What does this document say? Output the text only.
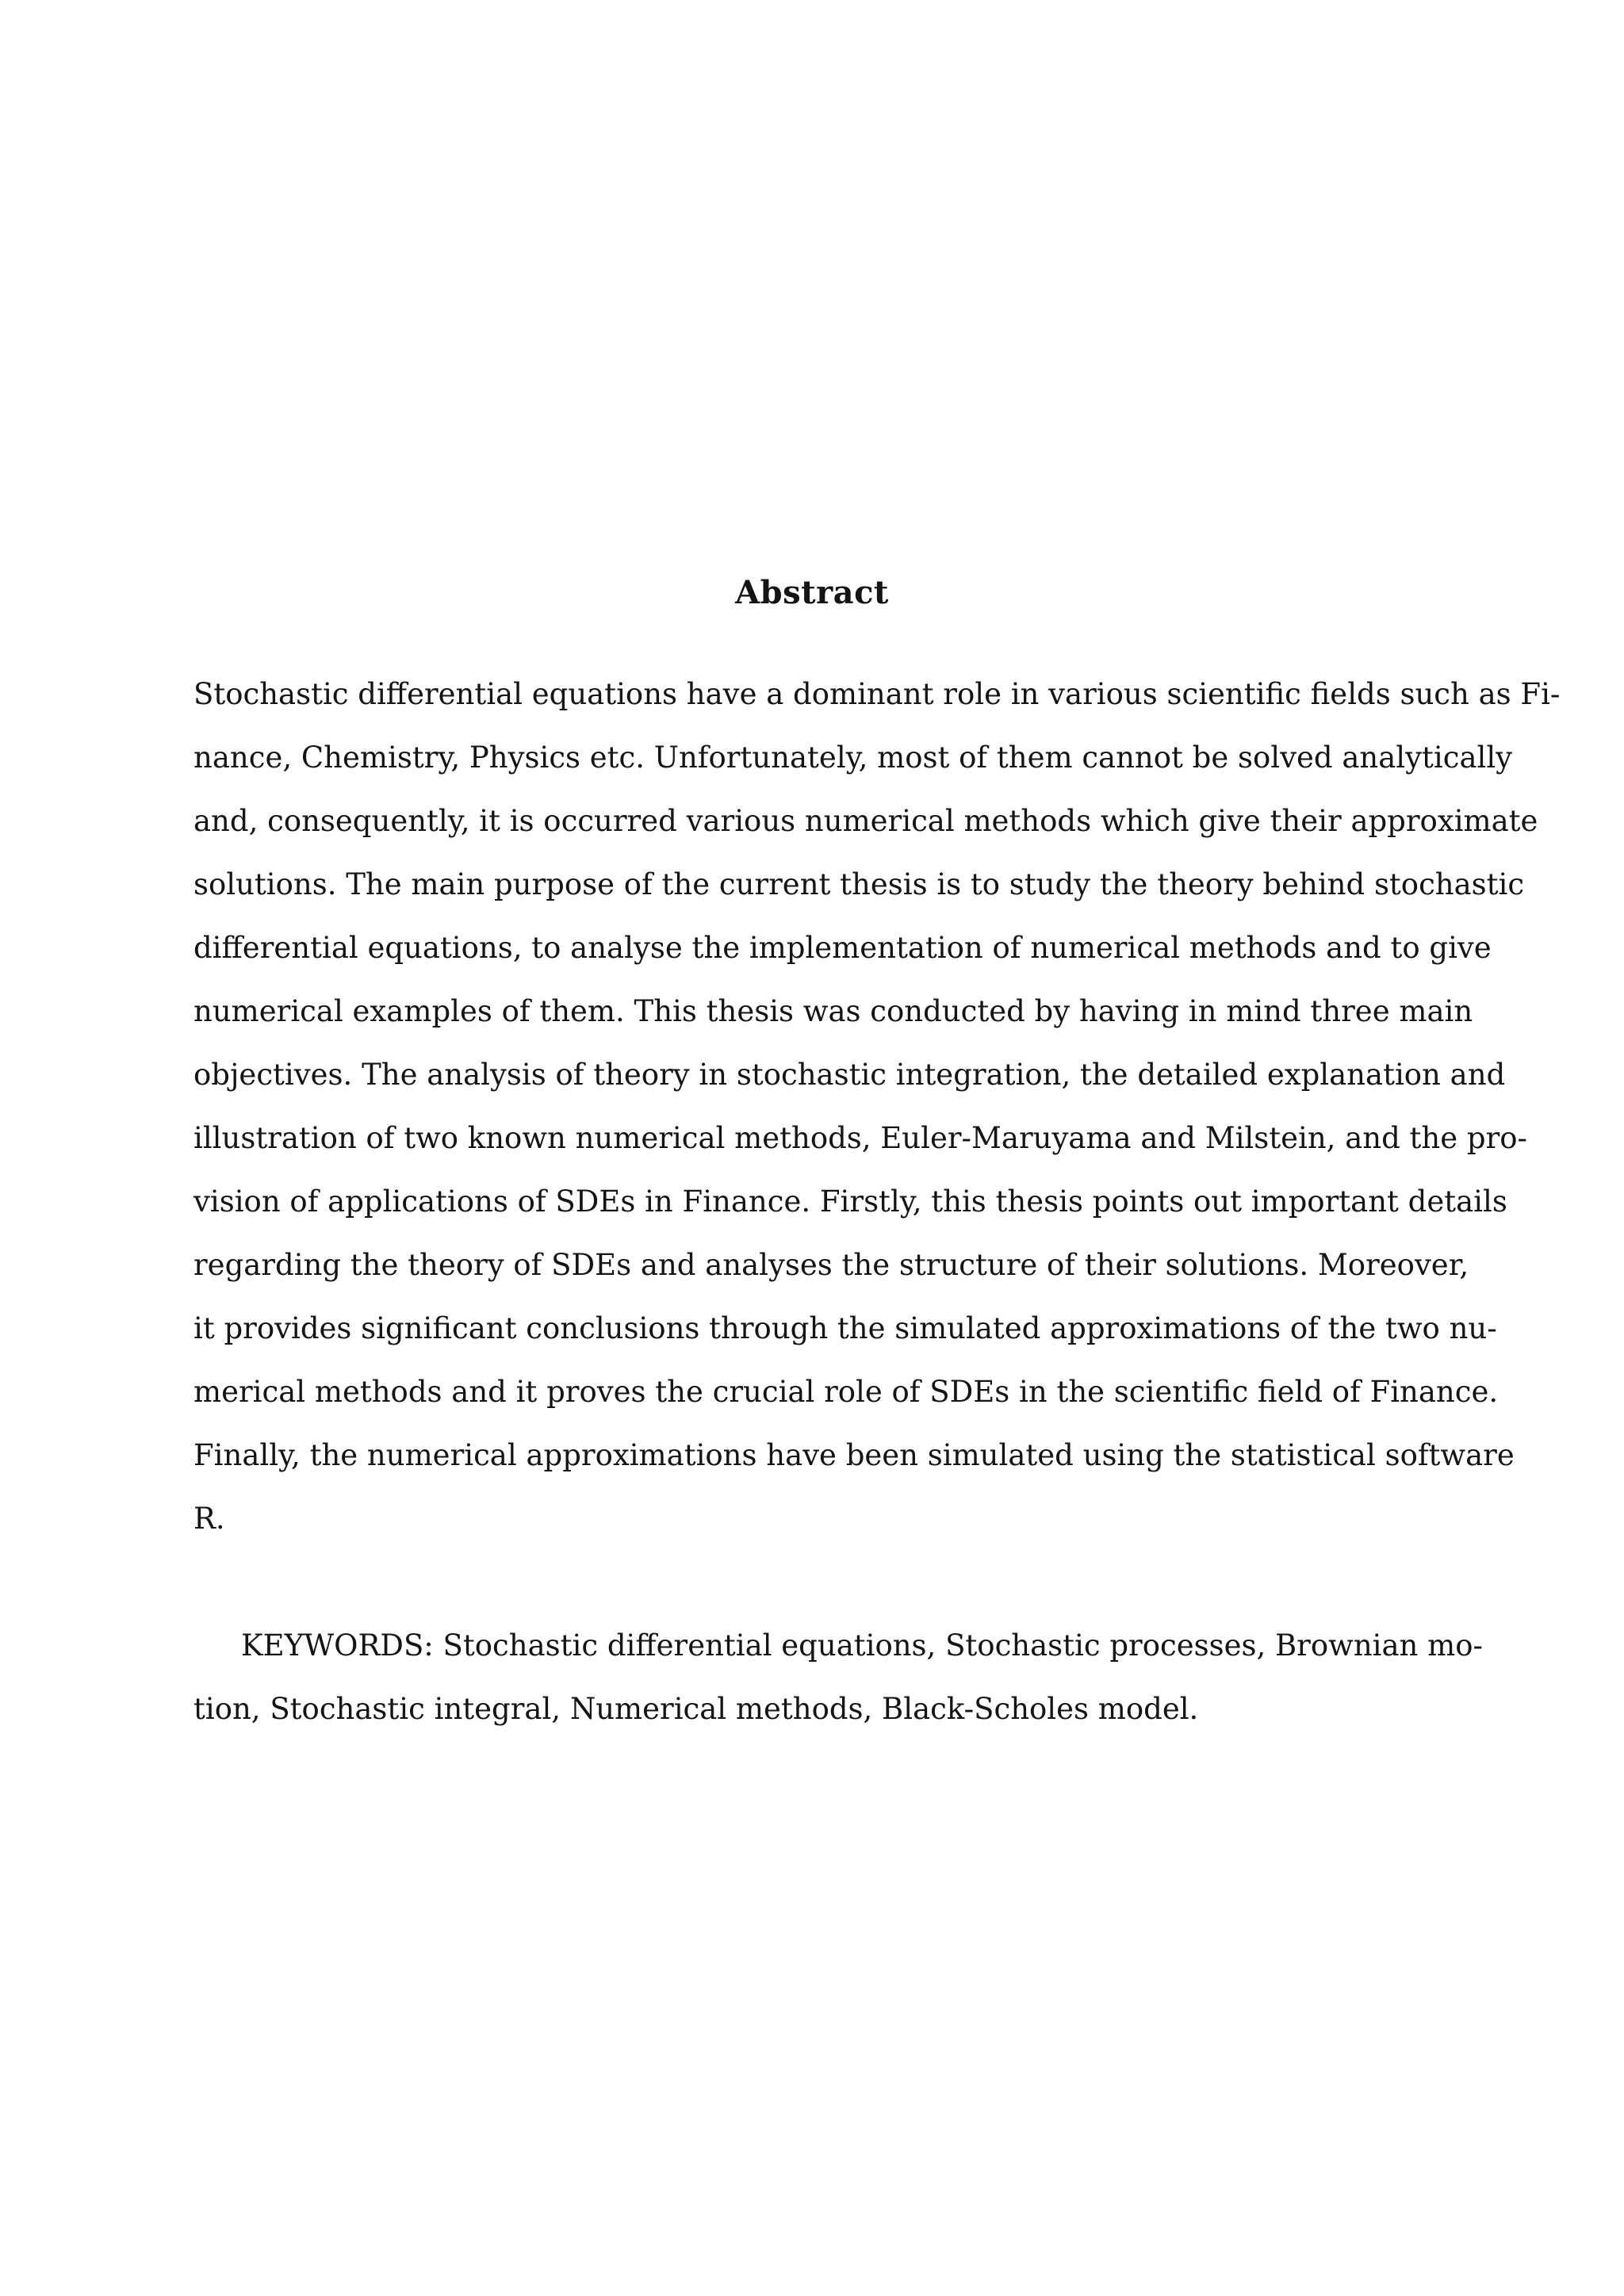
Abstract

Stochastic differential equations have a dominant role in various scientific fields such as Fi-

nance, Chemistry, Physics etc. Unfortunately, most of them cannot be solved analytically

and, consequently, it is occurred various numerical methods which give their approximate

solutions. The main purpose of the current thesis is to study the theory behind stochastic

differential equations, to analyse the implementation of numerical methods and to give

numerical examples of them. This thesis was conducted by having in mind three main

objectives. The analysis of theory in stochastic integration, the detailed explanation and

illustration of two known numerical methods, Euler-Maruyama and Milstein, and the pro-

vision of applications of SDEs in Finance. Firstly, this thesis points out important details

regarding the theory of SDEs and analyses the structure of their solutions. Moreover,

it provides significant conclusions through the simulated approximations of the two nu-

merical methods and it proves the crucial role of SDEs in the scientific field of Finance.

Finally, the numerical approximations have been simulated using the statistical software

R.

KEYWORDS: Stochastic differential equations, Stochastic processes, Brownian mo-

tion, Stochastic integral, Numerical methods, Black-Scholes model.
